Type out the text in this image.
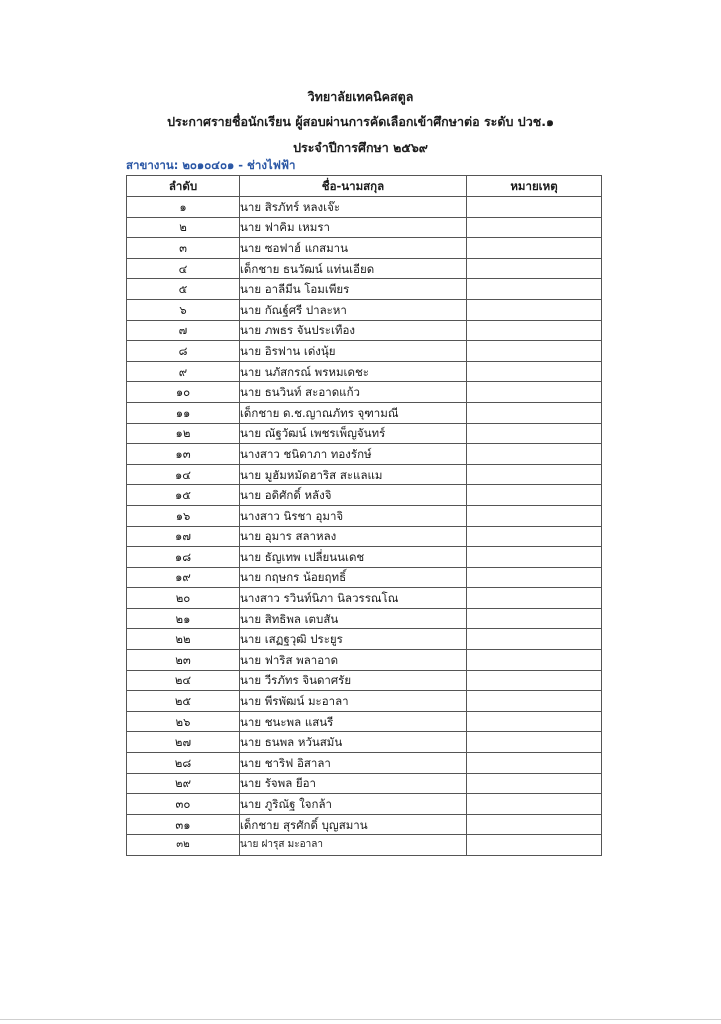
วิทยาลัยเทคนิคสตูล
ประกาศรายชื่อนักเรียน ผู้สอบผ่านการคัดเลือกเข้าศึกษาต่อ ระดับ ปวช.๑
ประจำปีการศึกษา ๒๕๖๙
สาขางาน: ๒๐๑๐๔๐๑ - ช่างไฟฟ้า
ลำดับ	ชื่อ-นามสกุล	หมายเหตุ
๑	นาย สิรภัทร์ หลงเจ๊ะ	
๒	นาย ฟาคิม เหมรา	
๓	นาย ซอฟาฮ์ แกสมาน	
๔	เด็กชาย ธนวัฒน์ แท่นเอียด	
๕	นาย อาลีมีน โอมเพียร	
๖	นาย กัณฐ์ศรี ปาละหา	
๗	นาย ภพธร จันประเทือง	
๘	นาย อิรฟาน เด่งนุ้ย	
๙	นาย นภัสกรณ์ พรหมเดชะ	
๑๐	นาย ธนวินท์ สะอาดแก้ว	
๑๑	เด็กชาย ด.ช.ญาณภัทร จุฑามณี	
๑๒	นาย ณัฐวัฒน์ เพชรเพ็ญจันทร์	
๑๓	นางสาว ชนิดาภา ทองรักษ์	
๑๔	นาย มูฮัมหมัดฮาริส สะแลแม	
๑๕	นาย อดิศักดิ์ หลังจิ	
๑๖	นางสาว นิรชา อุมาจิ	
๑๗	นาย อุมาร สลาหลง	
๑๘	นาย ธัญเทพ เปลี่ยนนเดช	
๑๙	นาย กฤษกร น้อยฤทธิ์	
๒๐	นางสาว รวินท์นิภา นิลวรรณโณ	
๒๑	นาย สิทธิพล เตบสัน	
๒๒	นาย เสฏฐวุฒิ ประยูร	
๒๓	นาย ฟาริส พลาอาด	
๒๔	นาย วีรภัทร จินดาศรัย	
๒๕	นาย พีรพัฒน์ มะอาลา	
๒๖	นาย ชนะพล แสนรี	
๒๗	นาย ธนพล หวันสมัน	
๒๘	นาย ชาริฟ อิสาลา	
๒๙	นาย รัจพล ยีอา	
๓๐	นาย ภูริณัฐ ใจกล้า	
๓๑	เด็กชาย สุรศักดิ์ บุญสมาน	
๓๒	นาย ฝารุส มะอาลา	
